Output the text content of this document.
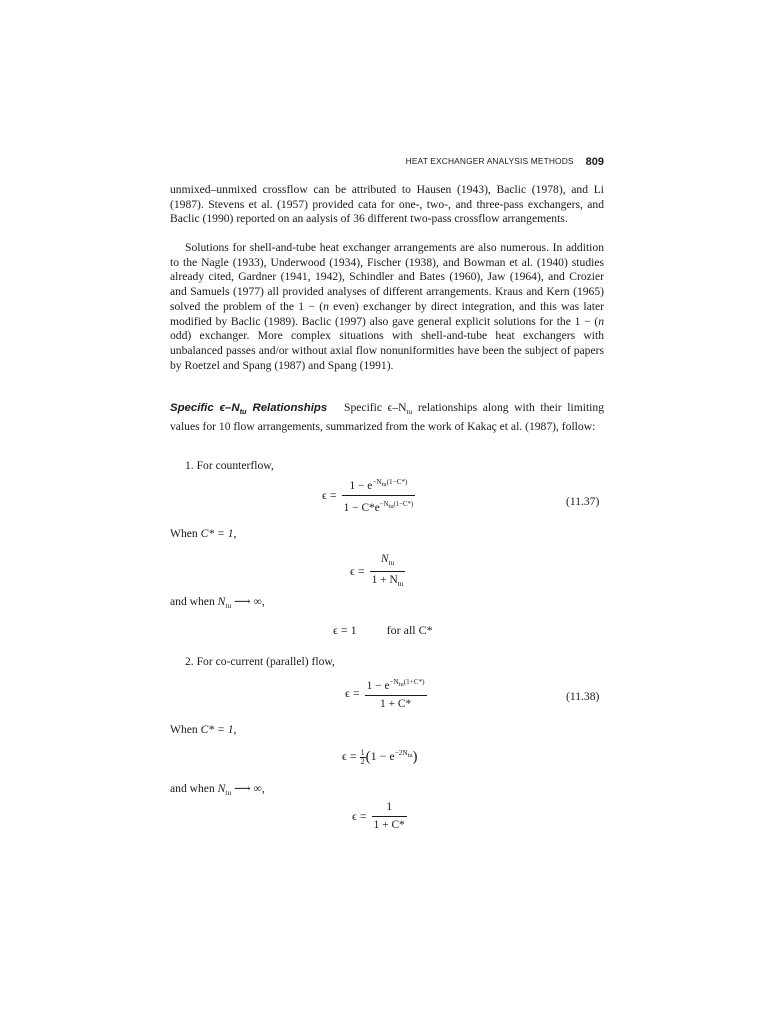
HEAT EXCHANGER ANALYSIS METHODS 809

unmixed–unmixed crossflow can be attributed to Hausen (1943), Baclic (1978), and Li (1987). Stevens et al. (1957) provided cata for one-, two-, and three-pass exchangers, and Baclic (1990) reported on an aalysis of 36 different two-pass crossflow arrangements.

Solutions for shell-and-tube heat exchanger arrangements are also numerous. In addition to the Nagle (1933), Underwood (1934), Fischer (1938), and Bowman et al. (1940) studies already cited, Gardner (1941, 1942), Schindler and Bates (1960), Jaw (1964), and Crozier and Samuels (1977) all provided analyses of different arrangements. Kraus and Kern (1965) solved the problem of the 1 − (n even) exchanger by direct integration, and this was later modified by Baclic (1989). Baclic (1997) also gave general explicit solutions for the 1 − (n odd) exchanger. More complex situations with shell-and-tube heat exchangers with unbalanced passes and/or without axial flow nonuniformities have been the subject of papers by Roetzel and Spang (1987) and Spang (1991).

Specific $\epsilon-N_{tu}$ Relationships Specific $\epsilon-N_{tu}$ relationships along with their limiting values for 10 flow arrangements, summarized from the work of Kakaç et al. (1987), follow:

1. For counterflow,

$\epsilon = \frac{1 - e^{-Ntu(1-C*)}}{1 - C*e^{-Ntu(1-C*)}}$	(11.37)

When C* = 1,

$\epsilon = \frac{N_{tu}}{1 + N_{tu}}$

and when $N_{tu}$ ⟶ ∞,

ϵ = 1	for all C*

2. For co-current (parallel) flow,

$\epsilon = \frac{1 - e^{-Ntu(1+C*)}}{1 + C*}$	(11.38)

When C* = 1,

$\epsilon = \frac{1}{2} (1 - e^{-2Ntu})$

and when $N_{tu}$ ⟶ ∞,

$\epsilon = \frac{1}{1 + C*}$
